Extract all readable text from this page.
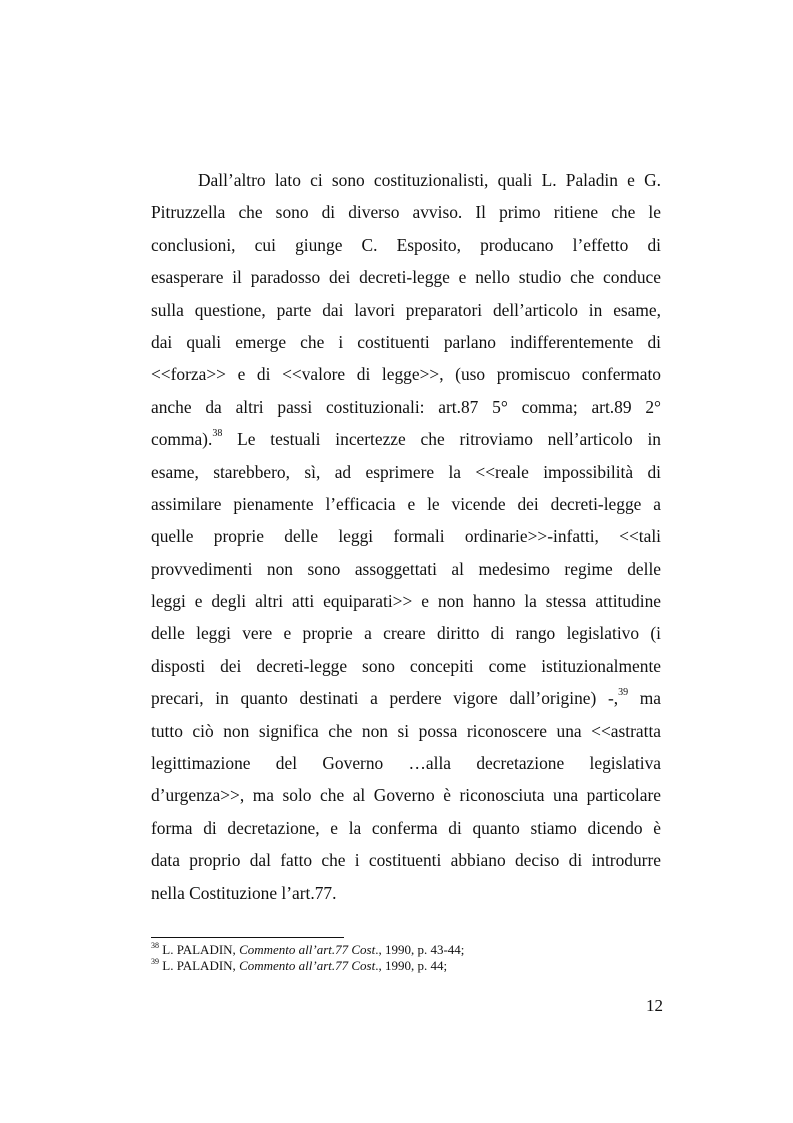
Dall’altro lato ci sono costituzionalisti, quali L. Paladin e G.
Pitruzzella che sono di diverso avviso. Il primo ritiene che le
conclusioni, cui giunge C. Esposito, producano l’effetto di
esasperare il paradosso dei decreti-legge e nello studio che conduce
sulla questione, parte dai lavori preparatori dell’articolo in esame,
dai quali emerge che i costituenti parlano indifferentemente di
<<forza>> e di <<valore di legge>>, (uso promiscuo confermato
anche da altri passi costituzionali: art.87 5° comma; art.89 2°
comma).$^{38}$ Le testuali incertezze che ritroviamo nell’articolo in
esame, starebbero, sì, ad esprimere la <<reale impossibilità di
assimilare pienamente l’efficacia e le vicende dei decreti-legge a
quelle proprie delle leggi formali ordinarie>>-infatti, <<tali
provvedimenti non sono assoggettati al medesimo regime delle
leggi e degli altri atti equiparati>> e non hanno la stessa attitudine
delle leggi vere e proprie a creare diritto di rango legislativo (i
disposti dei decreti-legge sono concepiti come istituzionalmente
precari, in quanto destinati a perdere vigore dall’origine) -,$^{39}$ ma
tutto ciò non significa che non si possa riconoscere una <<astratta
legittimazione del Governo …alla decretazione legislativa
d’urgenza>>, ma solo che al Governo è riconosciuta una particolare
forma di decretazione, e la conferma di quanto stiamo dicendo è
data proprio dal fatto che i costituenti abbiano deciso di introdurre
nella Costituzione l’art.77.
$^{38}$ L. PALADIN, Commento all’art.77 Cost., 1990, p. 43-44;
$^{39}$ L. PALADIN, Commento all’art.77 Cost., 1990, p. 44;
12
